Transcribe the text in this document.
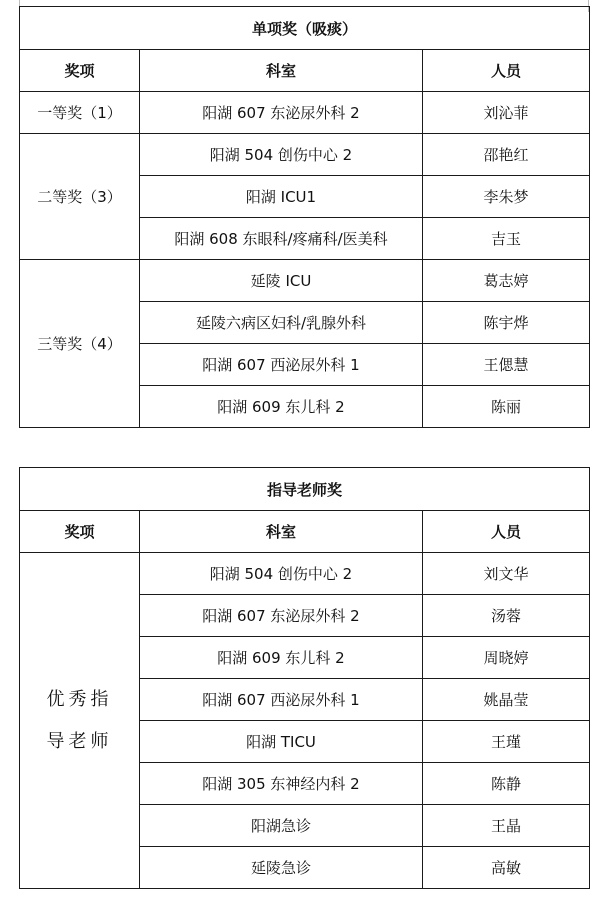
单项奖（吸痰）		
奖项	科室	人员
一等奖（1）	阳湖 607 东泌尿外科 2	刘沁菲
二等奖（3）	阳湖 504 创伤中心 2	邵艳红
	阳湖 ICU1	李朱梦
	阳湖 608 东眼科/疼痛科/医美科	吉玉
三等奖（4）	延陵 ICU	葛志婷
	延陵六病区妇科/乳腺外科	陈宇烨
	阳湖 607 西泌尿外科 1	王偲慧
	阳湖 609 东儿科 2	陈丽
指导老师奖		
奖项	科室	人员
优秀指导老师	阳湖 504 创伤中心 2	刘文华
	阳湖 607 东泌尿外科 2	汤蓉
	阳湖 609 东儿科 2	周晓婷
	阳湖 607 西泌尿外科 1	姚晶莹
	阳湖 TICU	王瑾
	阳湖 305 东神经内科 2	陈静
	阳湖急诊	王晶
	延陵急诊	高敏
